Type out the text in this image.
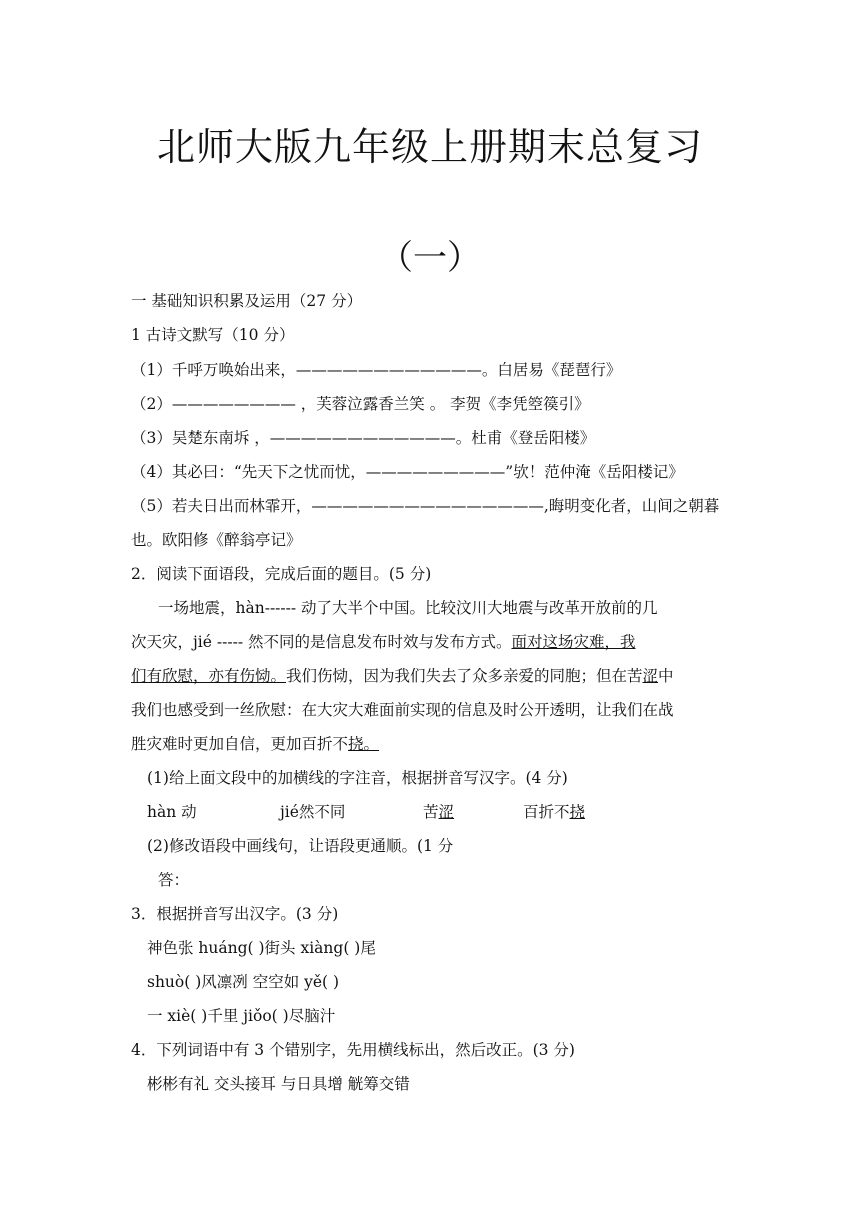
北师大版九年级上册期末总复习
（一）
一 基础知识积累及运用（27 分）
1 古诗文默写（10 分）
（1）千呼万唤始出来，————————————。白居易《琵琶行》
（2）———————— ，芙蓉泣露香兰笑 。 李贺《李凭箜篌引》
（3）吴楚东南坼 ，————————————。杜甫《登岳阳楼》
（4）其必曰：“先天下之忧而忧，—————————”欤！范仲淹《岳阳楼记》
（5）若夫日出而林霏开，———————————————,晦明变化者，山间之朝暮
也。欧阳修《醉翁亭记》
2．阅读下面语段，完成后面的题目。(5 分)
一场地震，hàn------ 动了大半个中国。比较汶川大地震与改革开放前的几
次天灾，jié ----- 然不同的是信息发布时效与发布方式。面对这场灾难，我
们有欣慰，亦有伤恸。我们伤恸，因为我们失去了众多亲爱的同胞；但在苦涩中
我们也感受到一丝欣慰：在大灾大难面前实现的信息及时公开透明，让我们在战
胜灾难时更加自信，更加百折不挠。
(1)给上面文段中的加横线的字注音，根据拼音写汉字。(4 分)
hàn 动	jié然不同	苦涩	百折不挠
(2)修改语段中画线句，让语段更通顺。(1 分
答：
3．根据拼音写出汉字。(3 分)
神色张 huáng( )街头 xiàng( )尾
shuò( )风凛冽 空空如 yě( )
一 xiè( )千里 jiǒo( )尽脑汁
4．下列词语中有 3 个错别字，先用横线标出，然后改正。(3 分)
彬彬有礼 交头接耳 与日具增 觥筹交错
